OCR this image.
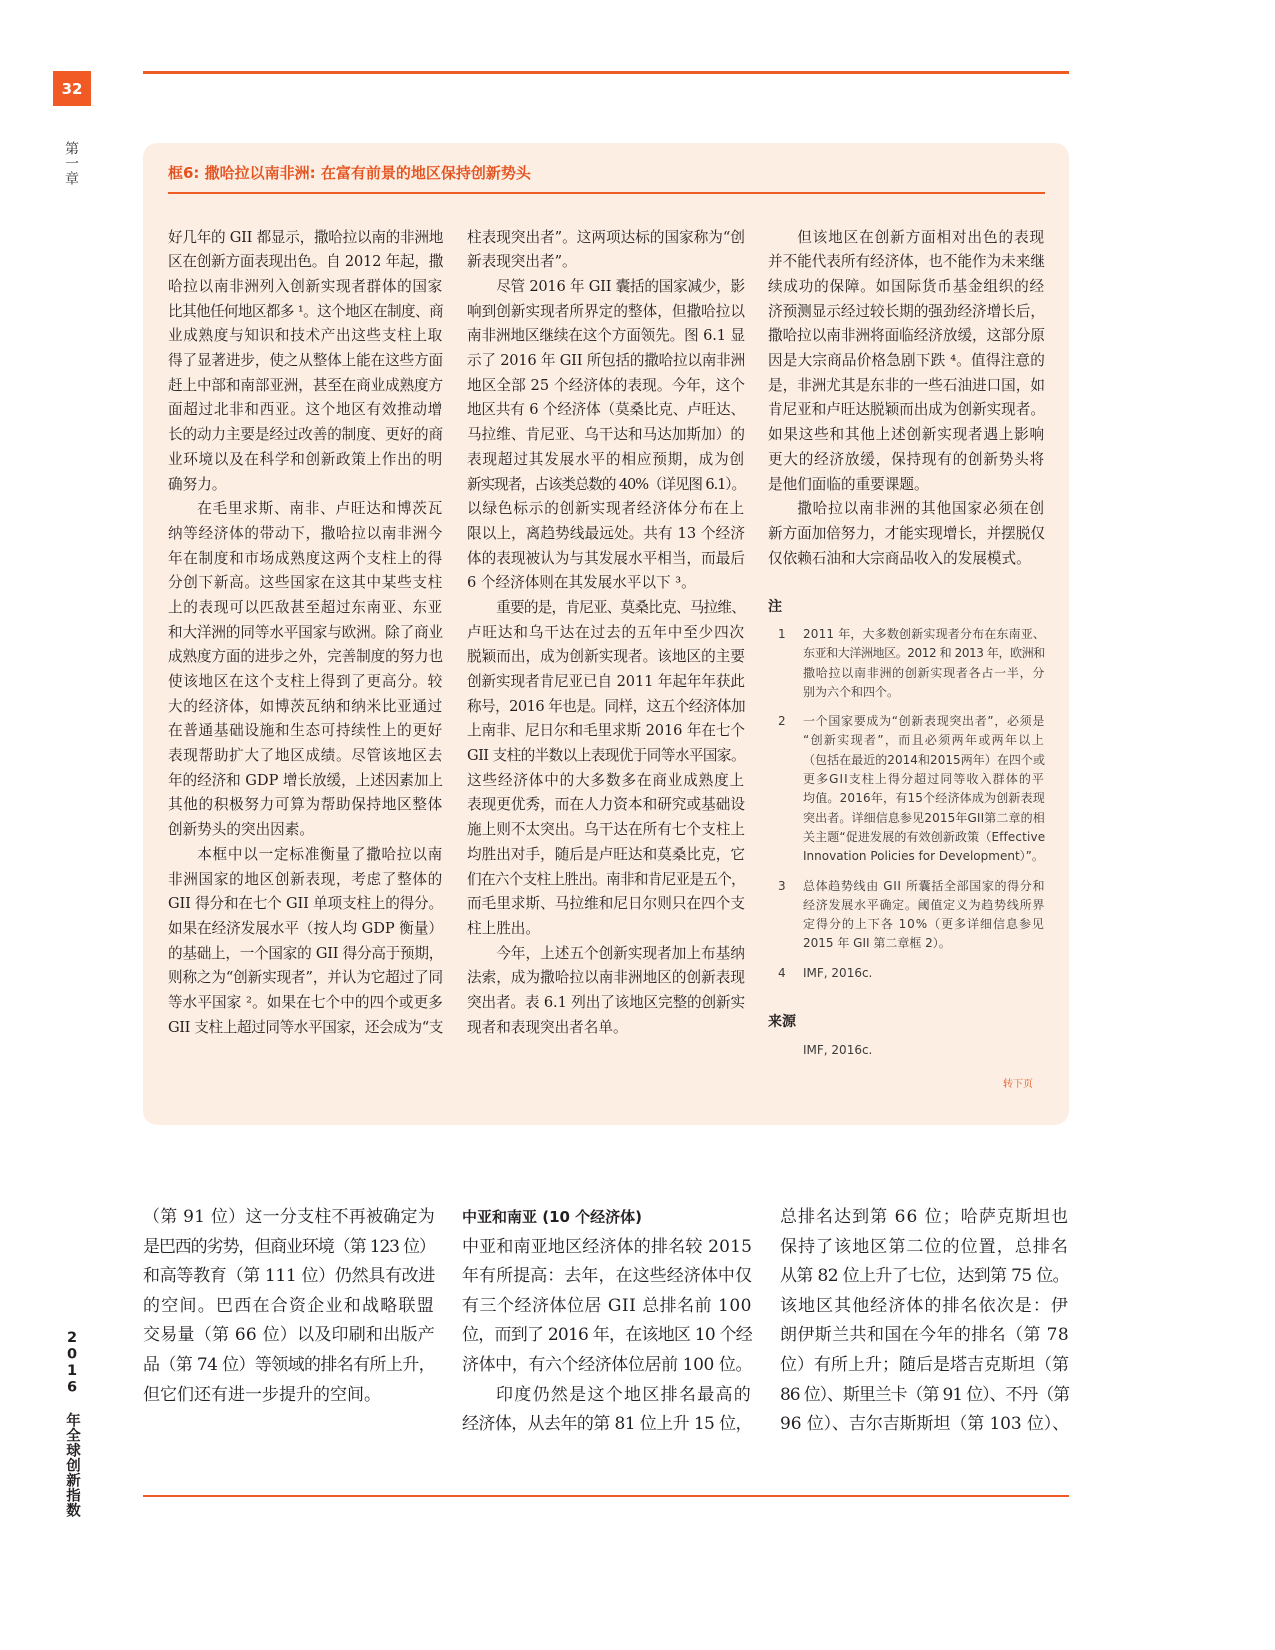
32
第一章	框6: 撒哈拉以南非洲: 在富有前景的地区保持创新势头
好几年的 GII 都显示，撒哈拉以南的非洲地
区在创新方面表现出色。自 2012 年起，撒
哈拉以南非洲列入创新实现者群体的国家
比其他任何地区都多 ¹。这个地区在制度、商
业成熟度与知识和技术产出这些支柱上取
得了显著进步，使之从整体上能在这些方面
赶上中部和南部亚洲，甚至在商业成熟度方
面超过北非和西亚。这个地区有效推动增
长的动力主要是经过改善的制度、更好的商
业环境以及在科学和创新政策上作出的明
确努力。
在毛里求斯、南非、卢旺达和博茨瓦
纳等经济体的带动下，撒哈拉以南非洲今
年在制度和市场成熟度这两个支柱上的得
分创下新高。这些国家在这其中某些支柱
上的表现可以匹敌甚至超过东南亚、东亚
和大洋洲的同等水平国家与欧洲。除了商业
成熟度方面的进步之外，完善制度的努力也
使该地区在这个支柱上得到了更高分。较
大的经济体，如博茨瓦纳和纳米比亚通过
在普通基础设施和生态可持续性上的更好
表现帮助扩大了地区成绩。尽管该地区去
年的经济和 GDP 增长放缓，上述因素加上
其他的积极努力可算为帮助保持地区整体
创新势头的突出因素。
本框中以一定标准衡量了撒哈拉以南
非洲国家的地区创新表现，考虑了整体的
GII 得分和在七个 GII 单项支柱上的得分。
如果在经济发展水平（按人均 GDP 衡量）
的基础上，一个国家的 GII 得分高于预期，
则称之为“创新实现者”，并认为它超过了同
等水平国家 ²。如果在七个中的四个或更多
GII 支柱上超过同等水平国家，还会成为“支
柱表现突出者”。这两项达标的国家称为“创
新表现突出者”。
尽管 2016 年 GII 囊括的国家减少，影
响到创新实现者所界定的整体，但撒哈拉以
南非洲地区继续在这个方面领先。图 6.1 显
示了 2016 年 GII 所包括的撒哈拉以南非洲
地区全部 25 个经济体的表现。今年，这个
地区共有 6 个经济体（莫桑比克、卢旺达、
马拉维、肯尼亚、乌干达和马达加斯加）的
表现超过其发展水平的相应预期，成为创
新实现者，占该类总数的 40%（详见图 6.1）。
以绿色标示的创新实现者经济体分布在上
限以上，离趋势线最远处。共有 13 个经济
体的表现被认为与其发展水平相当，而最后
6 个经济体则在其发展水平以下 ³。
重要的是，肯尼亚、莫桑比克、马拉维、
卢旺达和乌干达在过去的五年中至少四次
脱颖而出，成为创新实现者。该地区的主要
创新实现者肯尼亚已自 2011 年起年年获此
称号，2016 年也是。同样，这五个经济体加
上南非、尼日尔和毛里求斯 2016 年在七个
GII 支柱的半数以上表现优于同等水平国家。
这些经济体中的大多数多在商业成熟度上
表现更优秀，而在人力资本和研究或基础设
施上则不太突出。乌干达在所有七个支柱上
均胜出对手，随后是卢旺达和莫桑比克，它
们在六个支柱上胜出。南非和肯尼亚是五个，
而毛里求斯、马拉维和尼日尔则只在四个支
柱上胜出。
今年，上述五个创新实现者加上布基纳
法索，成为撒哈拉以南非洲地区的创新表现
突出者。表 6.1 列出了该地区完整的创新实
现者和表现突出者名单。
但该地区在创新方面相对出色的表现
并不能代表所有经济体，也不能作为未来继
续成功的保障。如国际货币基金组织的经
济预测显示经过较长期的强劲经济增长后，
撒哈拉以南非洲将面临经济放缓，这部分原
因是大宗商品价格急剧下跌 ⁴。值得注意的
是，非洲尤其是东非的一些石油进口国，如
肯尼亚和卢旺达脱颖而出成为创新实现者。
如果这些和其他上述创新实现者遇上影响
更大的经济放缓，保持现有的创新势头将
是他们面临的重要课题。
撒哈拉以南非洲的其他国家必须在创
新方面加倍努力，才能实现增长，并摆脱仅
仅依赖石油和大宗商品收入的发展模式。
注
1 2011 年，大多数创新实现者分布在东南亚、
东亚和大洋洲地区。2012 和 2013 年，欧洲和
撒哈拉以南非洲的创新实现者各占一半，分
别为六个和四个。
2 一个国家要成为“创新表现突出者”，必须是
“创新实现者”，而且必须两年或两年以上
（包括在最近的2014和2015两年）在四个或
更多GII支柱上得分超过同等收入群体的平
均值。2016年，有15个经济体成为创新表现
突出者。详细信息参见2015年GII第二章的相
关主题“促进发展的有效创新政策（Effective
Innovation Policies for Development）”。
3 总体趋势线由 GII 所囊括全部国家的得分和
经济发展水平确定。阈值定义为趋势线所界
定得分的上下各 10%（更多详细信息参见
2015 年 GII 第二章框 2）。
4 IMF, 2016c.
来源
IMF, 2016c.
转下页
（第 91 位）这一分支柱不再被确定为
是巴西的劣势，但商业环境（第 123 位）
和高等教育（第 111 位）仍然具有改进
的空间。巴西在合资企业和战略联盟
交易量（第 66 位）以及印刷和出版产
品（第 74 位）等领域的排名有所上升，
但它们还有进一步提升的空间。
中亚和南亚 (10 个经济体)
中亚和南亚地区经济体的排名较 2015
年有所提高：去年，在这些经济体中仅
有三个经济体位居 GII 总排名前 100
位，而到了 2016 年，在该地区 10 个经
济体中，有六个经济体位居前 100 位。
印度仍然是这个地区排名最高的
经济体，从去年的第 81 位上升 15 位，
总排名达到第 66 位；哈萨克斯坦也
保持了该地区第二位的位置，总排名
从第 82 位上升了七位，达到第 75 位。
该地区其他经济体的排名依次是：伊
朗伊斯兰共和国在今年的排名（第 78
位）有所上升；随后是塔吉克斯坦（第
86 位）、斯里兰卡（第 91 位）、不丹（第
96 位）、吉尔吉斯斯坦（第 103 位）、
2016 年全球创新指数
